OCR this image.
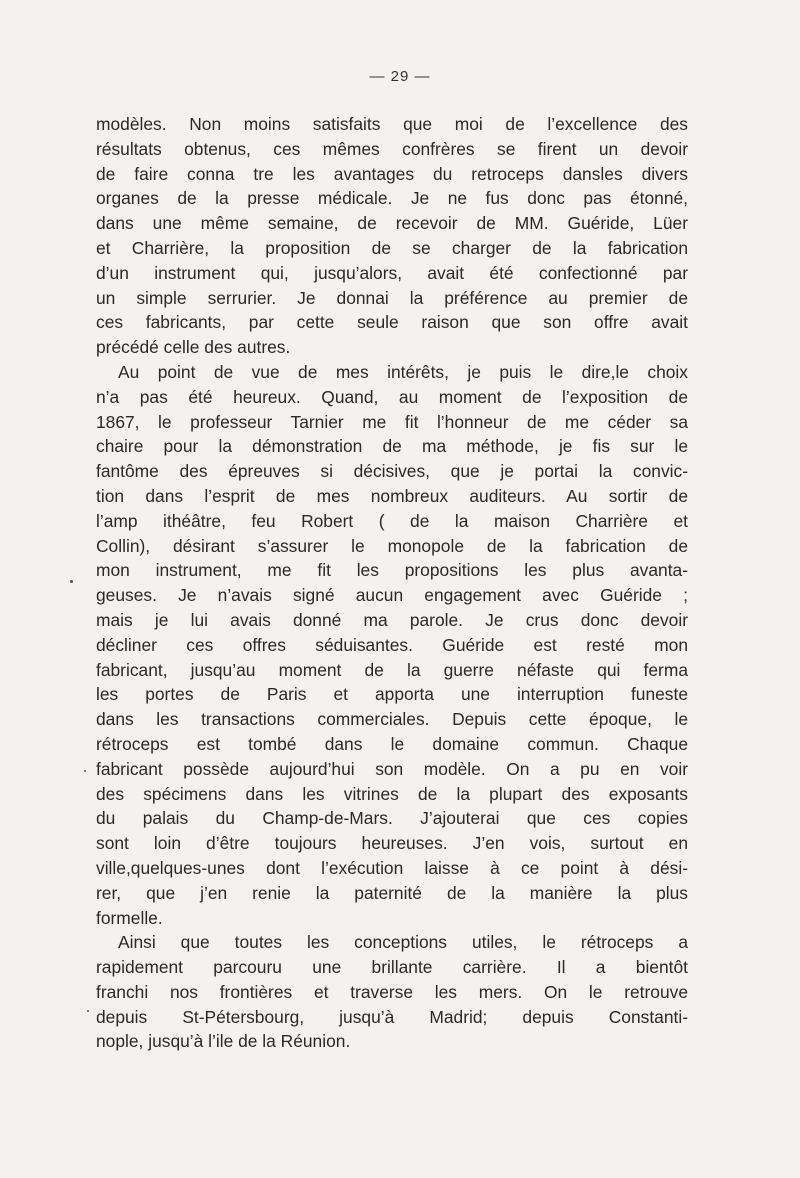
— 29 —
modèles. Non moins satisfaits que moi de l’excellence des
résultats obtenus, ces mêmes confrères se firent un devoir
de faire conna tre les avantages du retroceps dansles divers
organes de la presse médicale. Je ne fus donc pas étonné,
dans une même semaine, de recevoir de MM. Guéride, Lüer
et Charrière, la proposition de se charger de la fabrication
d’un instrument qui, jusqu’alors, avait été confectionné par
un simple serrurier. Je donnai la préférence au premier de
ces fabricants, par cette seule raison que son offre avait
précédé celle des autres.
Au point de vue de mes intérêts, je puis le dire,le choix
n’a pas été heureux. Quand, au moment de l’exposition de
1867, le professeur Tarnier me fit l’honneur de me céder sa
chaire pour la démonstration de ma méthode, je fis sur le
fantôme des épreuves si décisives, que je portai la convic-
tion dans l’esprit de mes nombreux auditeurs. Au sortir de
l’amp ithéâtre, feu Robert ( de la maison Charrière et
Collin), désirant s’assurer le monopole de la fabrication de
mon instrument, me fit les propositions les plus avanta-
geuses. Je n’avais signé aucun engagement avec Guéride ;
mais je lui avais donné ma parole. Je crus donc devoir
décliner ces offres séduisantes. Guéride est resté mon
fabricant, jusqu’au moment de la guerre néfaste qui ferma
les portes de Paris et apporta une interruption funeste
dans les transactions commerciales. Depuis cette époque, le
rétroceps est tombé dans le domaine commun. Chaque
fabricant possède aujourd’hui son modèle. On a pu en voir
des spécimens dans les vitrines de la plupart des exposants
du palais du Champ-de-Mars. J’ajouterai que ces copies
sont loin d’être toujours heureuses. J’en vois, surtout en
ville,quelques-unes dont l’exécution laisse à ce point à dési-
rer, que j’en renie la paternité de la manière la plus
formelle.
Ainsi que toutes les conceptions utiles, le rétroceps a
rapidement parcouru une brillante carrière. Il a bientôt
franchi nos frontières et traverse les mers. On le retrouve
depuis St-Pétersbourg, jusqu’à Madrid; depuis Constanti-
nople, jusqu’à l’ile de la Réunion.
